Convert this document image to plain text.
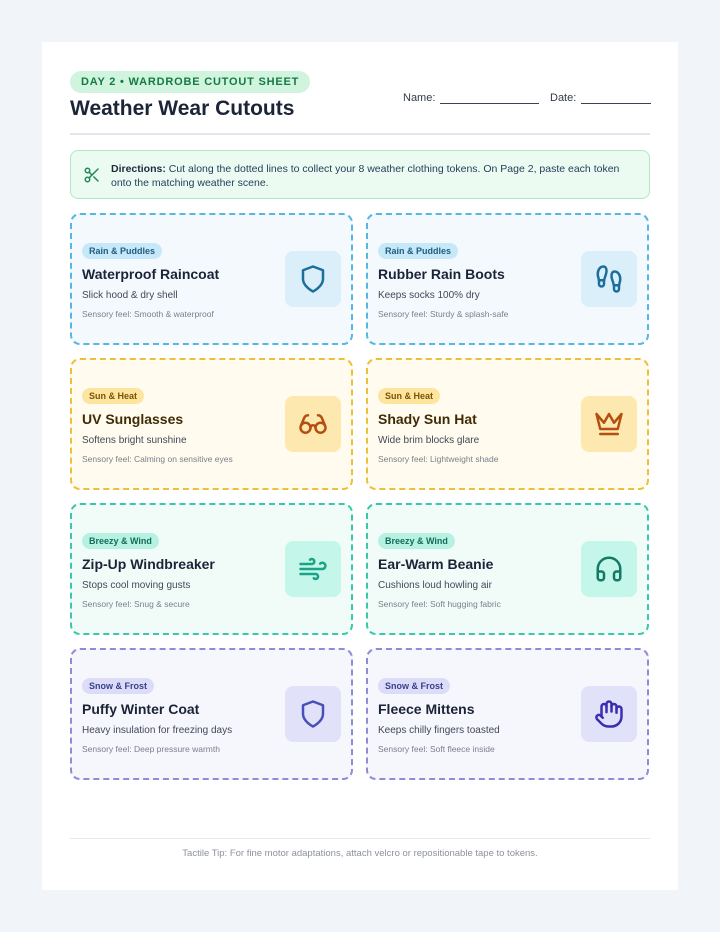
DAY 2 • WARDROBE CUTOUT SHEET
Weather Wear Cutouts	Name:	Date:
Directions: Cut along the dotted lines to collect your 8 weather clothing tokens. On Page 2, paste each token onto the matching weather scene.
Rain & Puddles
Waterproof Raincoat
Slick hood & dry shell
Sensory feel: Smooth & waterproof
Rain & Puddles
Rubber Rain Boots
Keeps socks 100% dry
Sensory feel: Sturdy & splash-safe
Sun & Heat
UV Sunglasses
Softens bright sunshine
Sensory feel: Calming on sensitive eyes
Sun & Heat
Shady Sun Hat
Wide brim blocks glare
Sensory feel: Lightweight shade
Breezy & Wind
Zip-Up Windbreaker
Stops cool moving gusts
Sensory feel: Snug & secure
Breezy & Wind
Ear-Warm Beanie
Cushions loud howling air
Sensory feel: Soft hugging fabric
Snow & Frost
Puffy Winter Coat
Heavy insulation for freezing days
Sensory feel: Deep pressure warmth
Snow & Frost
Fleece Mittens
Keeps chilly fingers toasted
Sensory feel: Soft fleece inside
Tactile Tip: For fine motor adaptations, attach velcro or repositionable tape to tokens.
